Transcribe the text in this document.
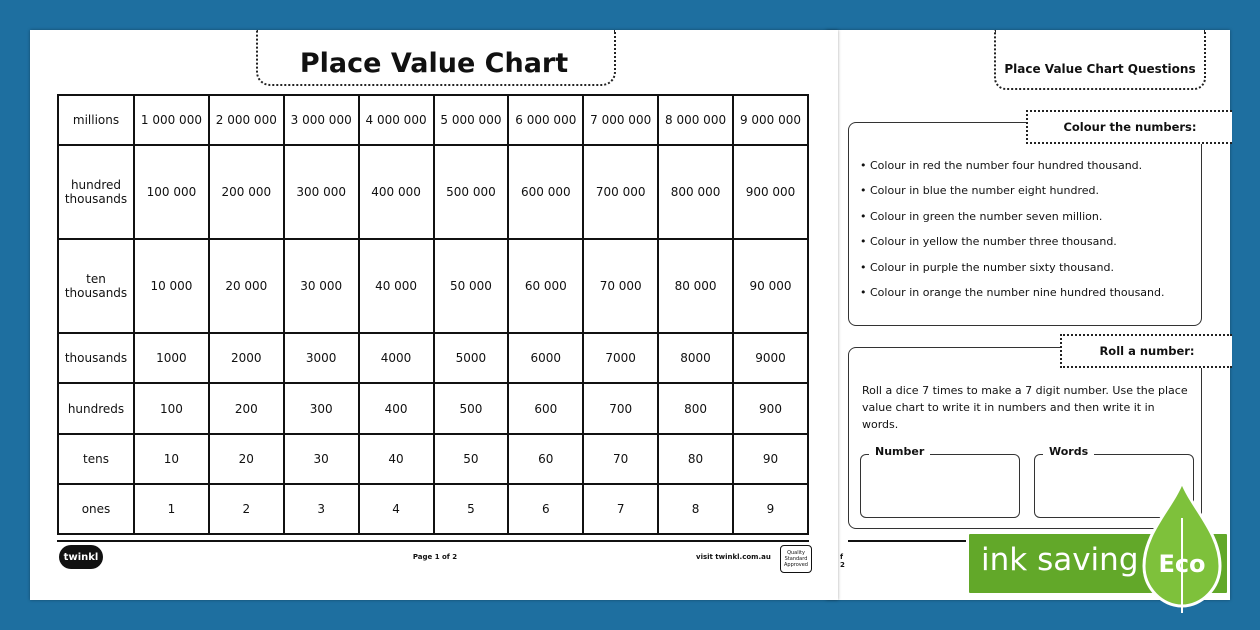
Place Value Chart Questions
Colour the numbers:
• Colour in red the number four hundred thousand.
• Colour in blue the number eight hundred.
• Colour in green the number seven million.
• Colour in yellow the number three thousand.
• Colour in purple the number sixty thousand.
• Colour in orange the number nine hundred thousand.
Roll a number:
Roll a dice 7 times to make a 7 digit number. Use the place value chart to write it in numbers and then write it in words.
Number	Words
Place Value Chart
millions	1 000 000	2 000 000	3 000 000	4 000 000	5 000 000	6 000 000	7 000 000	8 000 000	9 000 000
hundred thousands	100 000	200 000	300 000	400 000	500 000	600 000	700 000	800 000	900 000
ten thousands	10 000	20 000	30 000	40 000	50 000	60 000	70 000	80 000	90 000
thousands	1000	2000	3000	4000	5000	6000	7000	8000	9000
hundreds	100	200	300	400	500	600	700	800	900
tens	10	20	30	40	50	60	70	80	90
ones	1	2	3	4	5	6	7	8	9
twinkl	Page 1 of 2	visit twinkl.com.au	Quality Standard Approved
f 2	ink saving Eco
